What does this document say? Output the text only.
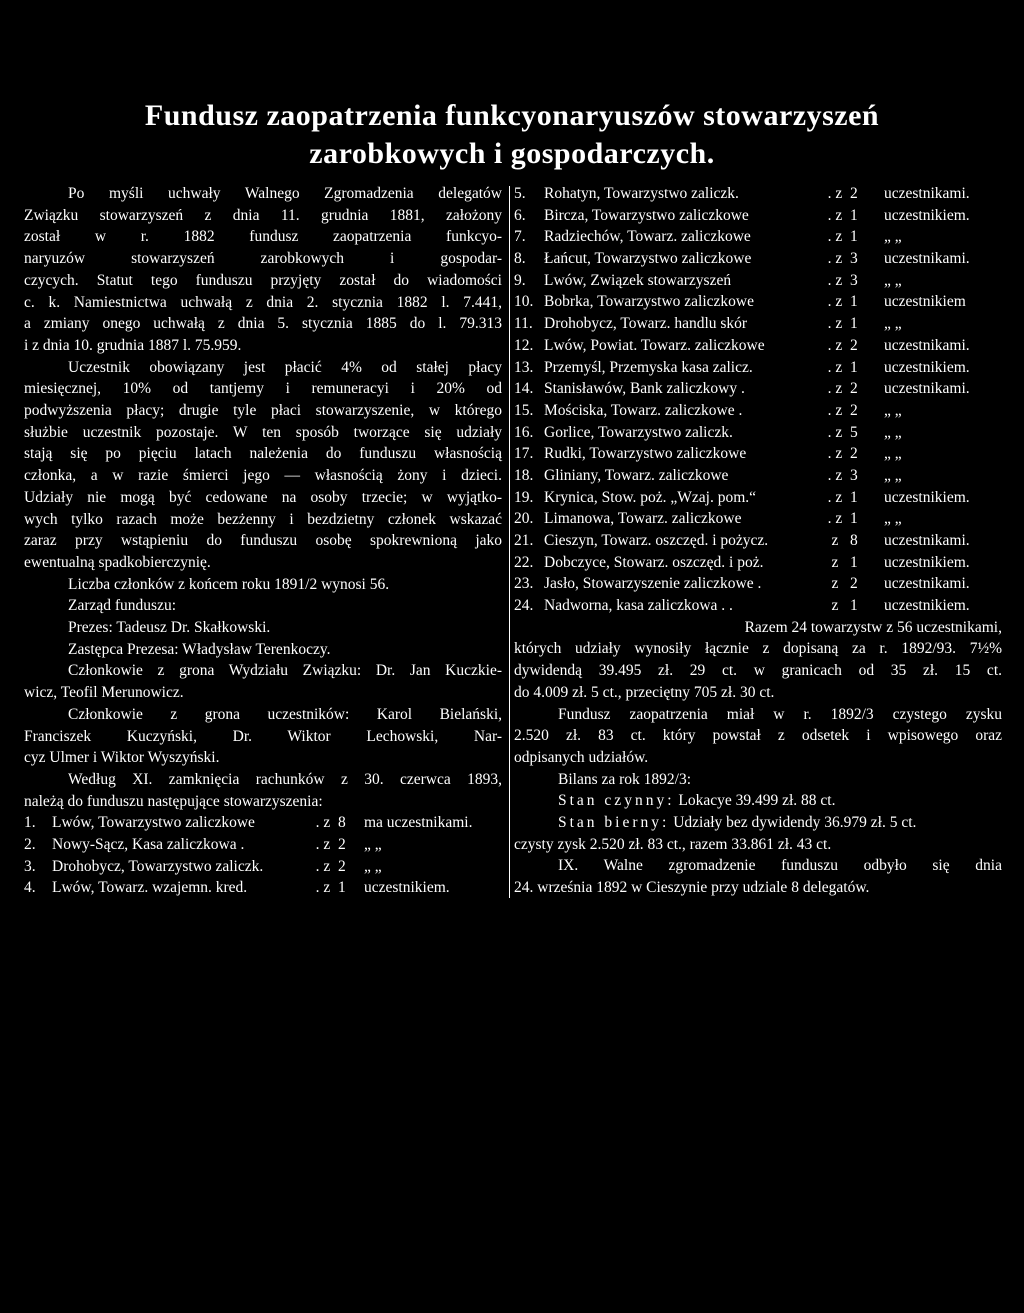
Fundusz zaopatrzenia funkcyonaryuszów stowarzyszeń
zarobkowych i gospodarczych.

Po myśli uchwały Walnego Zgromadzenia delegatów

Związku stowarzyszeń z dnia 11. grudnia 1881, założony

został w r. 1882 fundusz zaopatrzenia funkcyo-

naryuzów stowarzyszeń zarobkowych i gospodar-

czycych. Statut tego funduszu przyjęty został do wiadomości

c. k. Namiestnictwa uchwałą z dnia 2. stycznia 1882 l. 7.441,

a zmiany onego uchwałą z dnia 5. stycznia 1885 do l. 79.313

i z dnia 10. grudnia 1887 l. 75.959.

Uczestnik obowiązany jest płacić 4% od stałej płacy

miesięcznej, 10% od tantjemy i remuneracyi i 20% od

podwyższenia płacy; drugie tyle płaci stowarzyszenie, w którego

służbie uczestnik pozostaje. W ten sposób tworzące się udziały

stają się po pięciu latach należenia do funduszu własnością

członka, a w razie śmierci jego — własnością żony i dzieci.

Udziały nie mogą być cedowane na osoby trzecie; w wyjątko-

wych tylko razach może bezżenny i bezdzietny członek wskazać

zaraz przy wstąpieniu do funduszu osobę spokrewnioną jako

ewentualną spadkobierczynię.

Liczba członków z końcem roku 1891/2 wynosi 56.

Zarząd funduszu:

Prezes: Tadeusz Dr. Skałkowski.

Zastępca Prezesa: Władysław Terenkoczy.

Członkowie z grona Wydziału Związku: Dr. Jan Kuczkie-

wicz, Teofil Merunowicz.

Członkowie z grona uczestników: Karol Bielański,

Franciszek Kuczyński, Dr. Wiktor Lechowski, Nar-

cyz Ulmer i Wiktor Wyszyński.

Według XI. zamknięcia rachunków z 30. czerwca 1893,

należą do funduszu następujące stowarzyszenia:

1.	Lwów, Towarzystwo zaliczkowe	. z 8	ma uczestnikami.
2.	Nowy-Sącz, Kasa zaliczkowa .	. z 2	„ „
3.	Drohobycz, Towarzystwo zaliczk.	. z 2	„ „
4.	Lwów, Towarz. wzajemn. kred.	. z 1	uczestnikiem.
5.	Rohatyn, Towarzystwo zaliczk.	. z 2	uczestnikami.
6.	Bircza, Towarzystwo zaliczkowe	. z 1	uczestnikiem.
7.	Radziechów, Towarz. zaliczkowe	. z 1	„ „
8.	Łańcut, Towarzystwo zaliczkowe	. z 3	uczestnikami.
9.	Lwów, Związek stowarzyszeń	. z 3	„ „
10. Bobrka, Towarzystwo zaliczkowe	. z 1	uczestnikiem
11. Drohobycz, Towarz. handlu skór	. z 1	„ „
12. Lwów, Powiat. Towarz. zaliczkowe	. z 2	uczestnikami.
13. Przemyśl, Przemyska kasa zalicz.	. z 1	uczestnikiem.
14. Stanisławów, Bank zaliczkowy .	. z 2	uczestnikami.
15. Mościska, Towarz. zaliczkowe .	. z 2	„ „
16. Gorlice, Towarzystwo zaliczk.	. z 5	„ „
17. Rudki, Towarzystwo zaliczkowe	. z 2	„ „
18. Gliniany, Towarz. zaliczkowe	. z 3	„ „
19. Krynica, Stow. poż. „Wzaj. pom.“	. z 1	uczestnikiem.
20. Limanowa, Towarz. zaliczkowe	. z 1	„ „
21. Cieszyn, Towarz. oszczęd. i pożycz.	z 8	uczestnikami.
22. Dobczyce, Stowarz. oszczęd. i poż.	z 1	uczestnikiem.
23. Jasło, Stowarzyszenie zaliczkowe .	z 2	uczestnikami.
24. Nadworna, kasa zaliczkowa . .	z 1	uczestnikiem.

Razem 24 towarzystw z 56 uczestnikami,

których udziały wynosiły łącznie z dopisaną za r. 1892/93. 7½%

dywidendą 39.495 zł. 29 ct. w granicach od 35 zł. 15 ct.

do 4.009 zł. 5 ct., przeciętny 705 zł. 30 ct.

Fundusz zaopatrzenia miał w r. 1892/3 czystego zysku

2.520 zł. 83 ct. który powstał z odsetek i wpisowego oraz

odpisanych udziałów.

Bilans za rok 1892/3:

Stan czynny: Lokacye 39.499 zł. 88 ct.

Stan bierny: Udziały bez dywidendy 36.979 zł. 5 ct.

czysty zysk 2.520 zł. 83 ct., razem 33.861 zł. 43 ct.

IX. Walne zgromadzenie funduszu odbyło się dnia

24. września 1892 w Cieszynie przy udziale 8 delegatów.
